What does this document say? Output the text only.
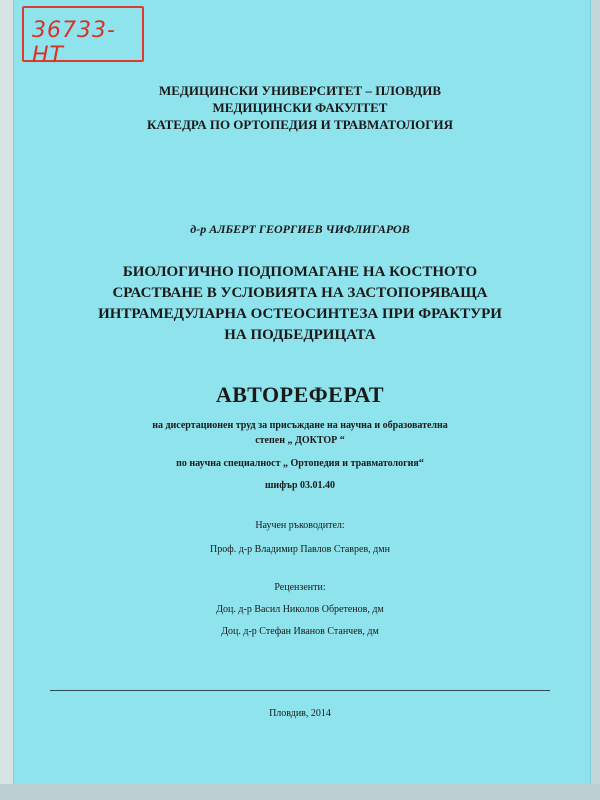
36733-НТ
МЕДИЦИНСКИ УНИВЕРСИТЕТ – ПЛОВДИВ
МЕДИЦИНСКИ ФАКУЛТЕТ
КАТЕДРА ПО ОРТОПЕДИЯ И ТРАВМАТОЛОГИЯ
д-р АЛБЕРТ ГЕОРГИЕВ ЧИФЛИГАРОВ
БИОЛОГИЧНО ПОДПОМАГАНЕ НА КОСТНОТО
СРАСТВАНЕ В УСЛОВИЯТА НА ЗАСТОПОРЯВАЩА
ИНТРАМЕДУЛАРНА ОСТЕОСИНТЕЗА ПРИ ФРАКТУРИ
НА ПОДБЕДРИЦАТА
АВТОРЕФЕРАТ
на дисертационен труд за присъждане на научна и образователна
степен „ ДОКТОР “
по научна специалност „ Ортопедия и травматология“
шифър 03.01.40
Научен ръководител:
Проф. д-р Владимир Павлов Ставрев, дмн
Рецензенти:
Доц. д-р Васил Николов Обретенов, дм
Доц. д-р Стефан Иванов Станчев, дм
Пловдив, 2014
